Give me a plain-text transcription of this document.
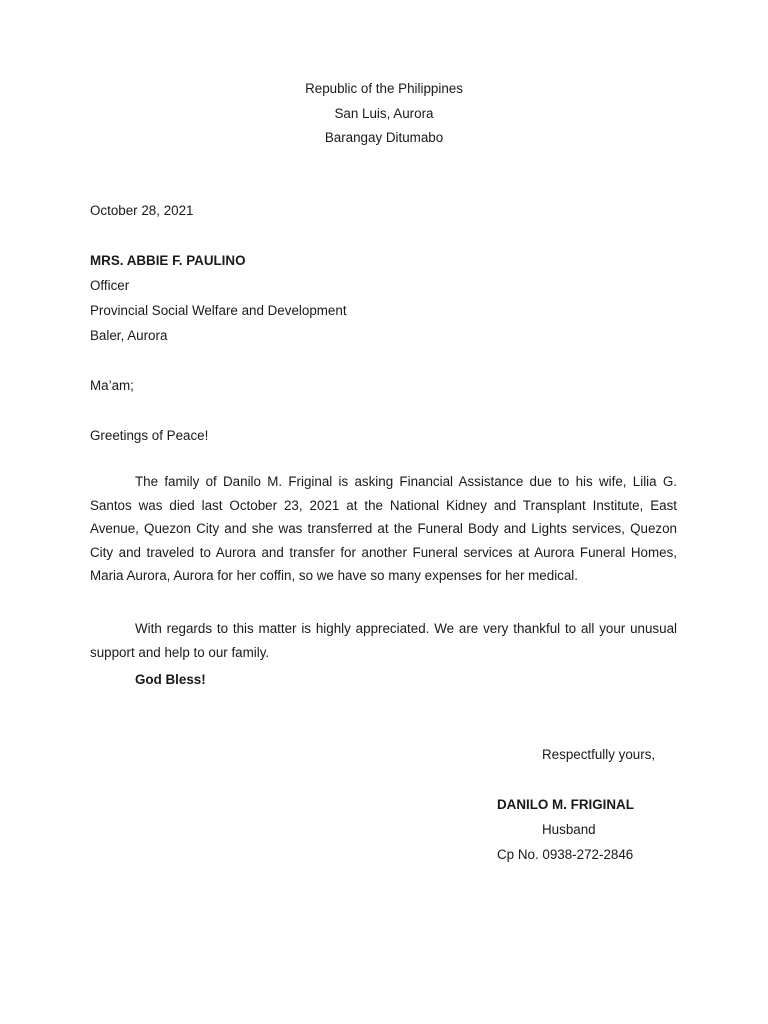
Republic of the Philippines
San Luis, Aurora
Barangay Ditumabo
October 28, 2021
MRS. ABBIE F. PAULINO
Officer
Provincial Social Welfare and Development
Baler, Aurora
Ma’am;
Greetings of Peace!
The family of Danilo M. Friginal is asking Financial Assistance due to his wife, Lilia G. Santos was died last October 23, 2021 at the National Kidney and Transplant Institute, East Avenue, Quezon City and she was transferred at the Funeral Body and Lights services, Quezon City and traveled to Aurora and transfer for another Funeral services at Aurora Funeral Homes, Maria Aurora, Aurora for her coffin, so we have so many expenses for her medical.
With regards to this matter is highly appreciated. We are very thankful to all your unusual support and help to our family.
God Bless!
Respectfully yours,
DANILO M. FRIGINAL
Husband
Cp No. 0938-272-2846
